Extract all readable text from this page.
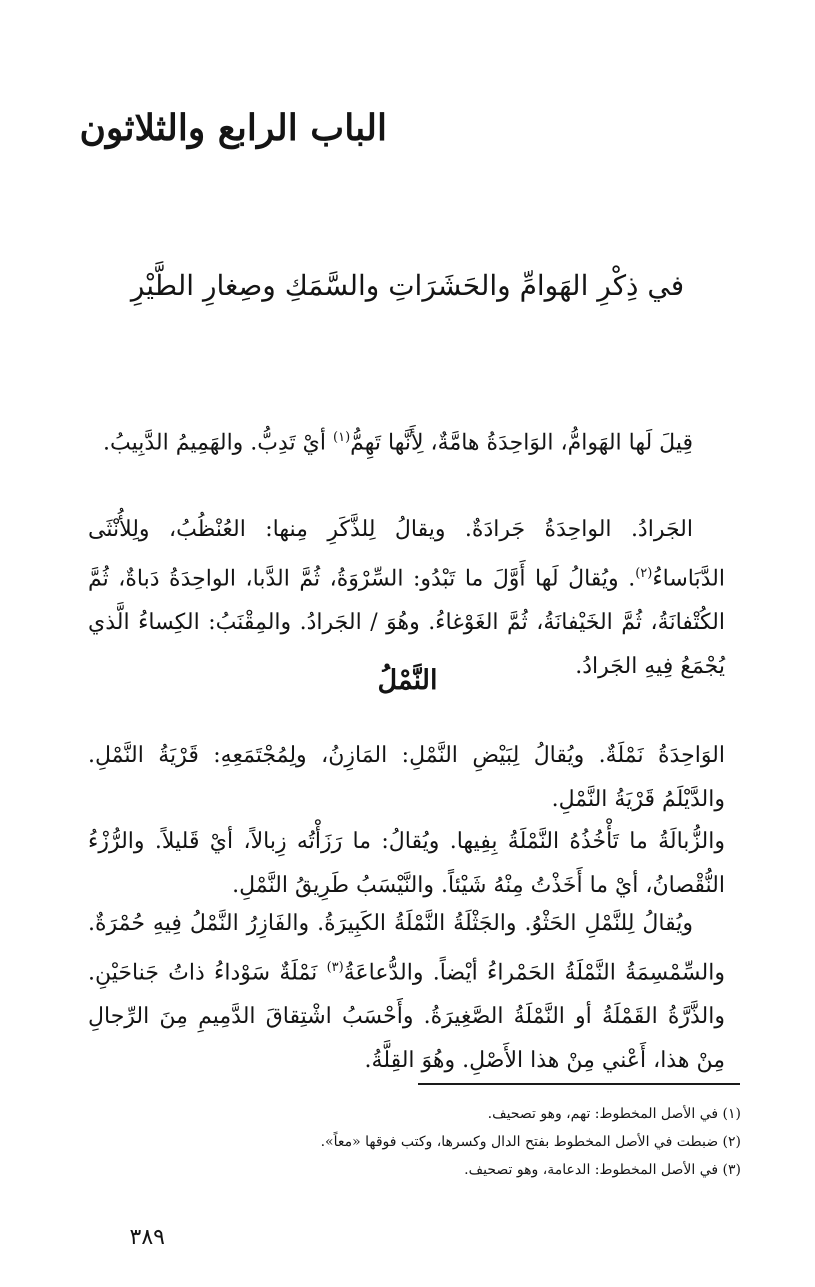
الباب الرابع والثلاثون
في ذِكْرِ الهَوامِّ والحَشَرَاتِ والسَّمَكِ وصِغارِ الطَّيْرِ

قِيلَ لَها الهَوامُّ، الوَاحِدَةُ هامَّةٌ، لِأَنَّها تَهِمُّ$^{(١)}$ أيْ تَدِبُّ. والهَمِيمُ الدَّبِيبُ.

الجَرادُ. الواحِدَةُ جَرادَةٌ. ويقالُ لِلذَّكَرِ مِنها: العُنْظُبُ، ولِلأُنْثَى الدَّبَاساءُ$^{(٢)}$. ويُقالُ لَها أَوَّلَ ما تَبْدُو: السِّرْوَةُ، ثُمَّ الدَّبا، الواحِدَةُ دَباةٌ، ثُمَّ الكُتْفانَةُ، ثُمَّ الخَيْفانَةُ، ثُمَّ الغَوْغاءُ. وهُوَ / الجَرادُ. والمِقْنَبُ: الكِساءُ الَّذي يُجْمَعُ فِيهِ الجَرادُ.

النَّمْلُ

الوَاحِدَةُ نَمْلَةٌ. ويُقالُ لِبَيْضِ النَّمْلِ: المَازِنُ، ولِمُجْتَمَعِهِ: قَرْيَةُ النَّمْلِ. والدَّيْلَمُ قَرْيَةُ النَّمْلِ.

والزُّبالَةُ ما تَأْخُذُهُ النَّمْلَةُ بِفِيها. ويُقالُ: ما رَزَأْتُه زِبالاً، أيْ قَليلاً. والرُّزْءُ النُّقْصانُ، أيْ ما أَخَذْتُ مِنْهُ شَيْئاً. والنَّيْسَبُ طَرِيقُ النَّمْلِ.

ويُقالُ لِلنَّمْلِ الحَثْوُ. والجَثْلَةُ النَّمْلَةُ الكَبِيرَةُ. والفَازِرُ النَّمْلُ فِيهِ حُمْرَةٌ. والسِّمْسِمَةُ النَّمْلَةُ الحَمْراءُ أيْضاً. والدُّعاعَةُ$^{(٣)}$ نَمْلَةٌ سَوْداءُ ذاتُ جَناحَيْنِ. والذَّرَّةُ القَمْلَةُ أو النَّمْلَةُ الصَّغِيرَةُ. وأَحْسَبُ اشْتِقاقَ الدَّمِيمِ مِنَ الرِّجالِ مِنْ هذا، أَعْني مِنْ هذا الأَصْلِ. وهُوَ القِلَّةُ.

(١) في الأصل المخطوط: تهم، وهو تصحيف.
(٢) ضبطت في الأصل المخطوط بفتح الدال وكسرها، وكتب فوقها «معاً».
(٣) في الأصل المخطوط: الدعامة، وهو تصحيف.
٣٨٩
